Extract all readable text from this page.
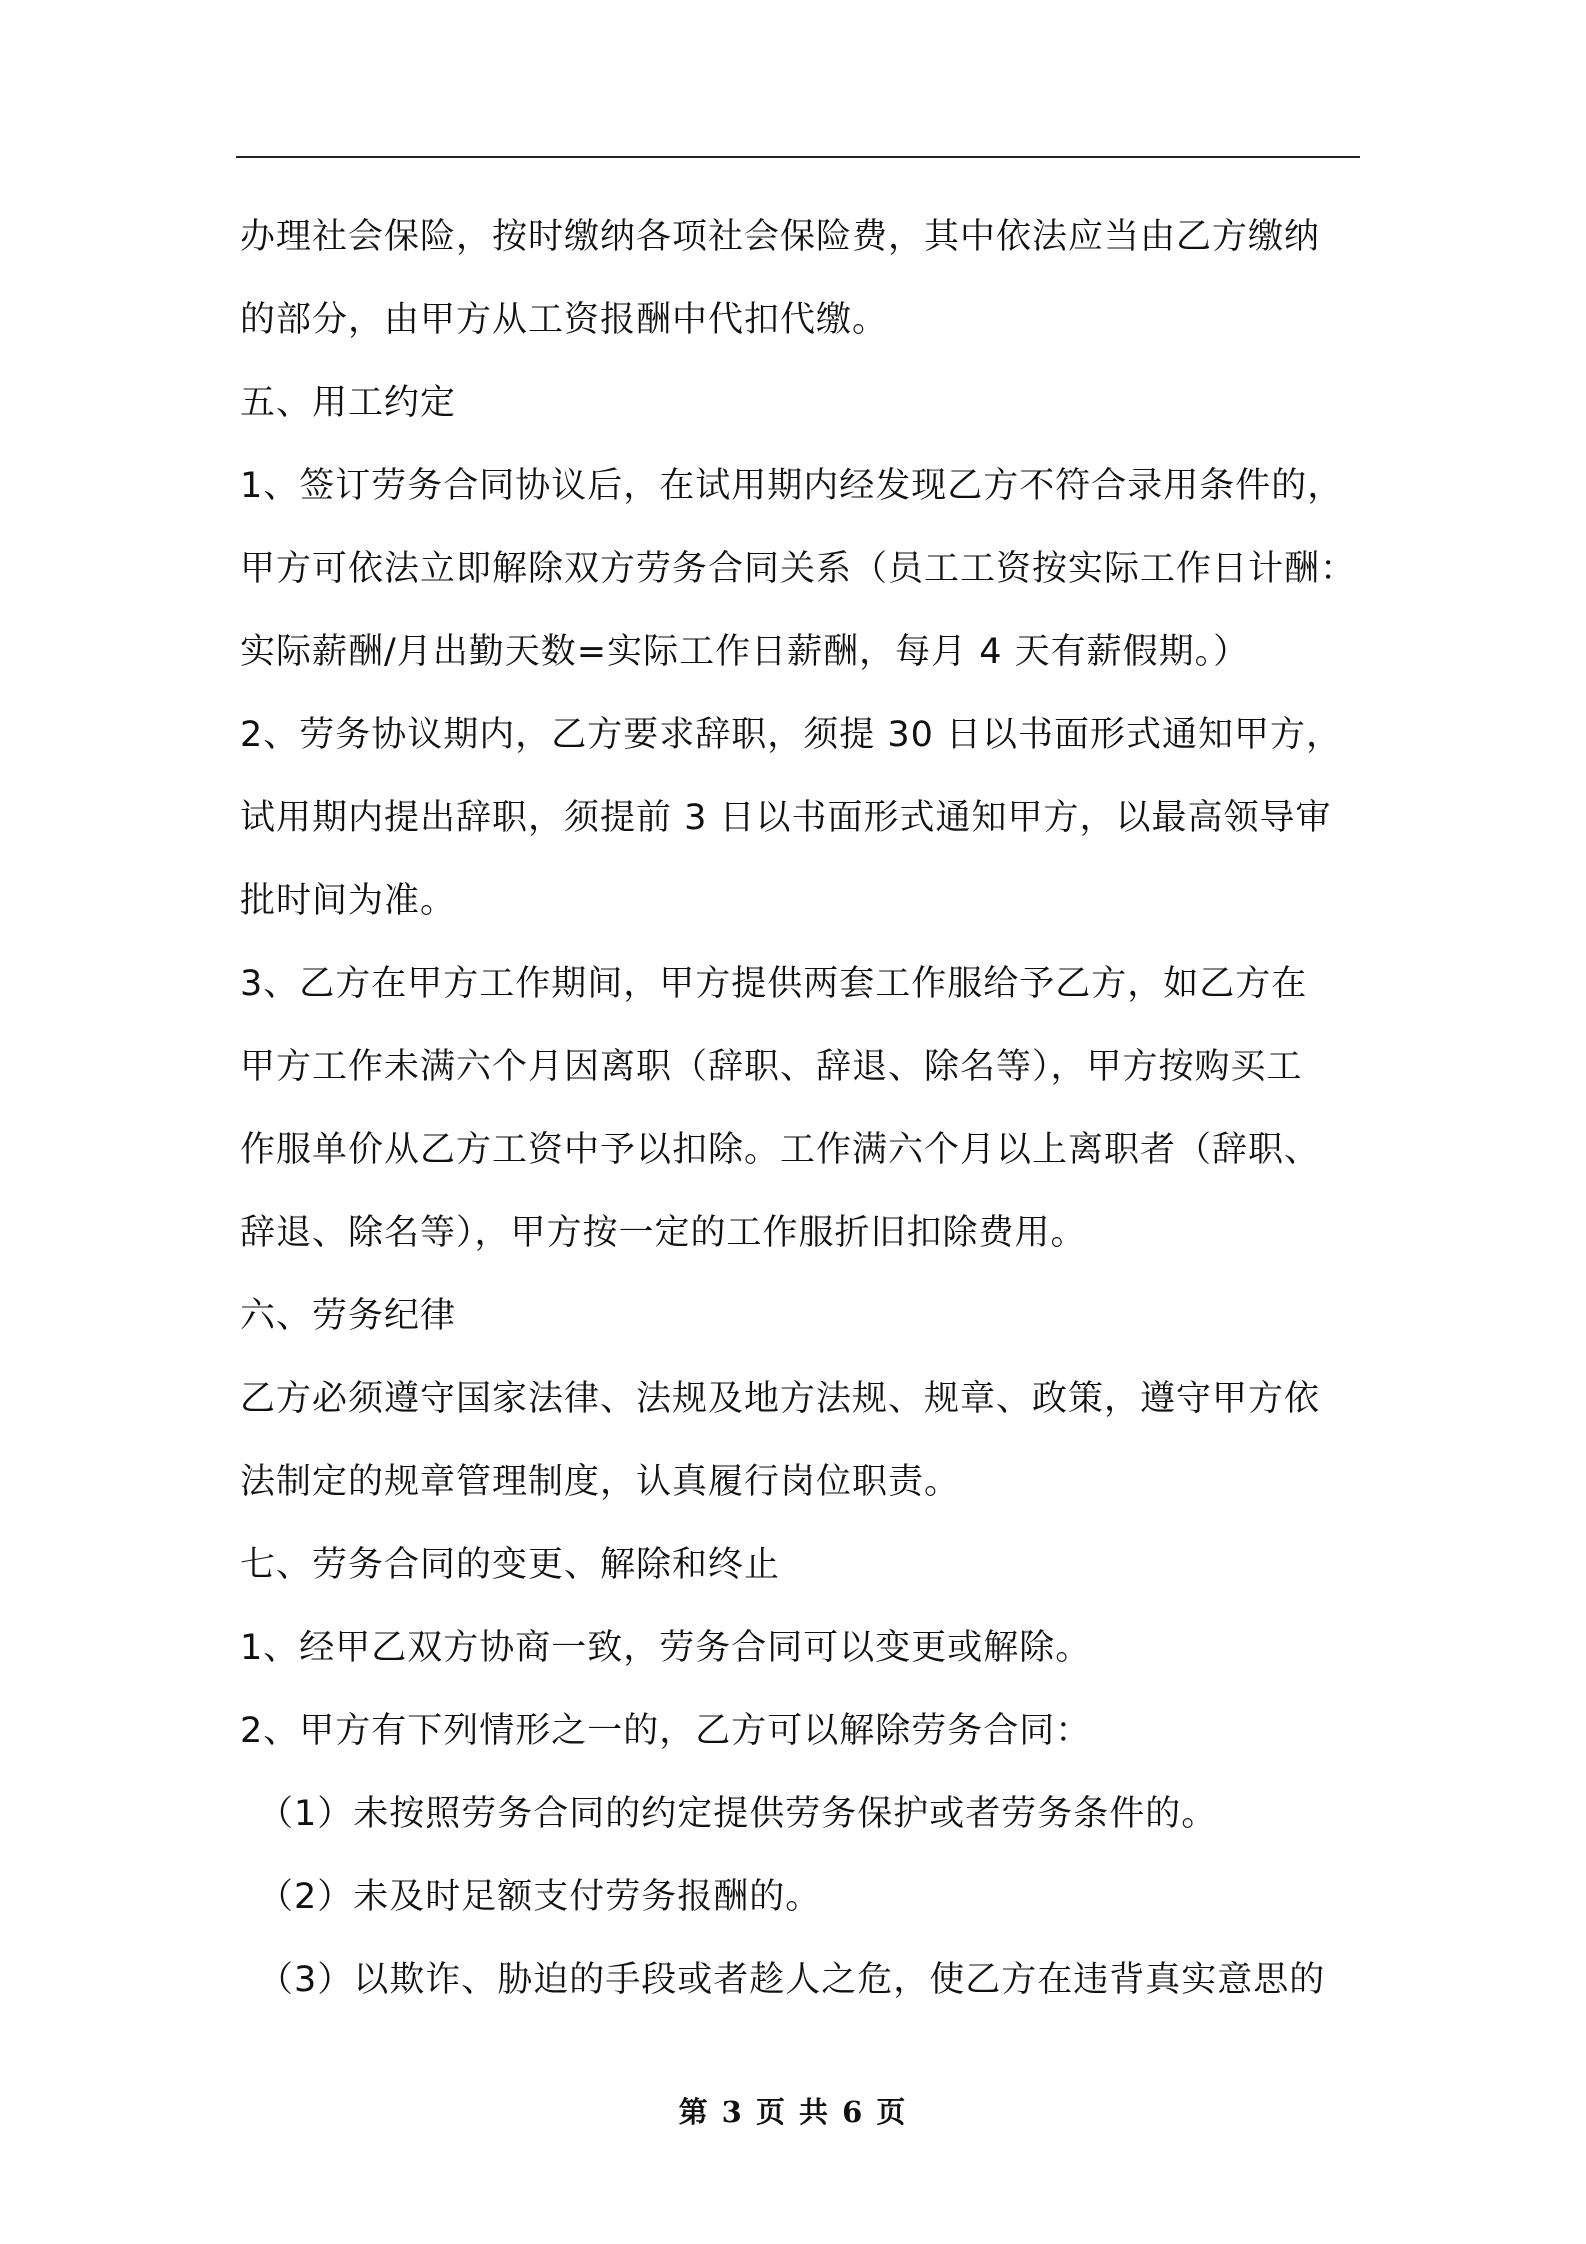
办理社会保险，按时缴纳各项社会保险费，其中依法应当由乙方缴纳
的部分，由甲方从工资报酬中代扣代缴。
五、用工约定
1、签订劳务合同协议后，在试用期内经发现乙方不符合录用条件的，
甲方可依法立即解除双方劳务合同关系（员工工资按实际工作日计酬：
实际薪酬/月出勤天数=实际工作日薪酬，每月 4 天有薪假期。）
2、劳务协议期内，乙方要求辞职，须提 30 日以书面形式通知甲方，
试用期内提出辞职，须提前 3 日以书面形式通知甲方，以最高领导审
批时间为准。
3、乙方在甲方工作期间，甲方提供两套工作服给予乙方，如乙方在
甲方工作未满六个月因离职（辞职、辞退、除名等），甲方按购买工
作服单价从乙方工资中予以扣除。工作满六个月以上离职者（辞职、
辞退、除名等），甲方按一定的工作服折旧扣除费用。
六、劳务纪律
乙方必须遵守国家法律、法规及地方法规、规章、政策，遵守甲方依
法制定的规章管理制度，认真履行岗位职责。
七、劳务合同的变更、解除和终止
1、经甲乙双方协商一致，劳务合同可以变更或解除。
2、甲方有下列情形之一的，乙方可以解除劳务合同：
（1）未按照劳务合同的约定提供劳务保护或者劳务条件的。
（2）未及时足额支付劳务报酬的。
（3）以欺诈、胁迫的手段或者趁人之危，使乙方在违背真实意思的
第 3 页 共 6 页
